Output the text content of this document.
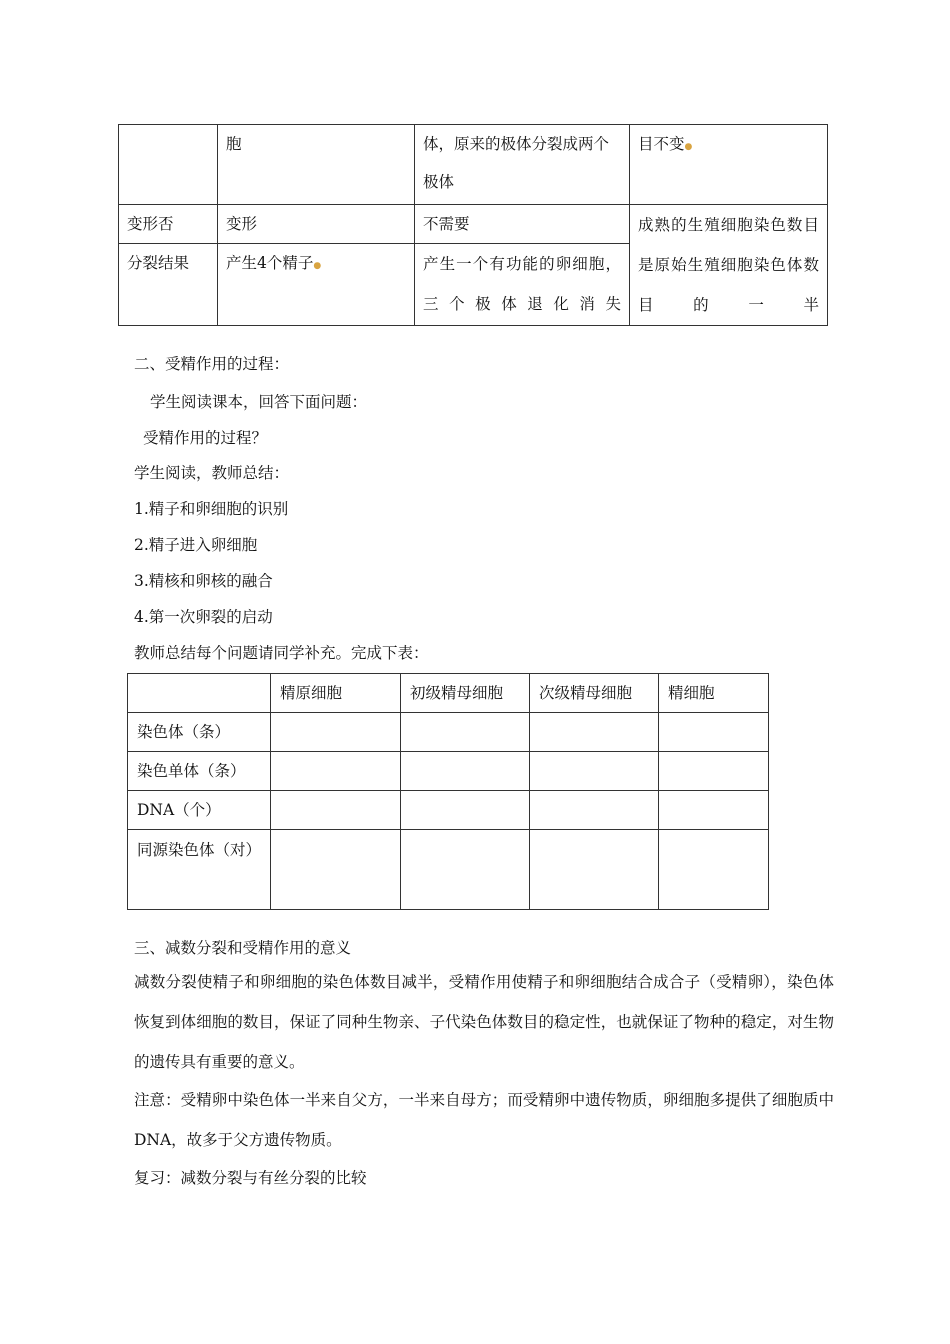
	胞	体，原来的极体分裂成两个极体	目不变●
变形否	变形	不需要	成熟的生殖细胞染色数目是原始生殖细胞染色体数目的一半
分裂结果	产生4个精子●	产生一个有功能的卵细胞，三个极体退化消失	
二、受精作用的过程：
学生阅读课本，回答下面问题：
受精作用的过程？
学生阅读，教师总结：
1.精子和卵细胞的识别
2.精子进入卵细胞
3.精核和卵核的融合
4.第一次卵裂的启动
教师总结每个问题请同学补充。完成下表：
	精原细胞	初级精母细胞	次级精母细胞	精细胞
染色体（条）				
染色单体（条）				
DNA（个）				
同源染色体（对）				
三、减数分裂和受精作用的意义
减数分裂使精子和卵细胞的染色体数目减半，受精作用使精子和卵细胞结合成合子（受精卵），染色体恢复到体细胞的数目，保证了同种生物亲、子代染色体数目的稳定性，也就保证了物种的稳定，对生物的遗传具有重要的意义。
注意：受精卵中染色体一半来自父方，一半来自母方；而受精卵中遗传物质，卵细胞多提供了细胞质中DNA，故多于父方遗传物质。
复习：减数分裂与有丝分裂的比较
